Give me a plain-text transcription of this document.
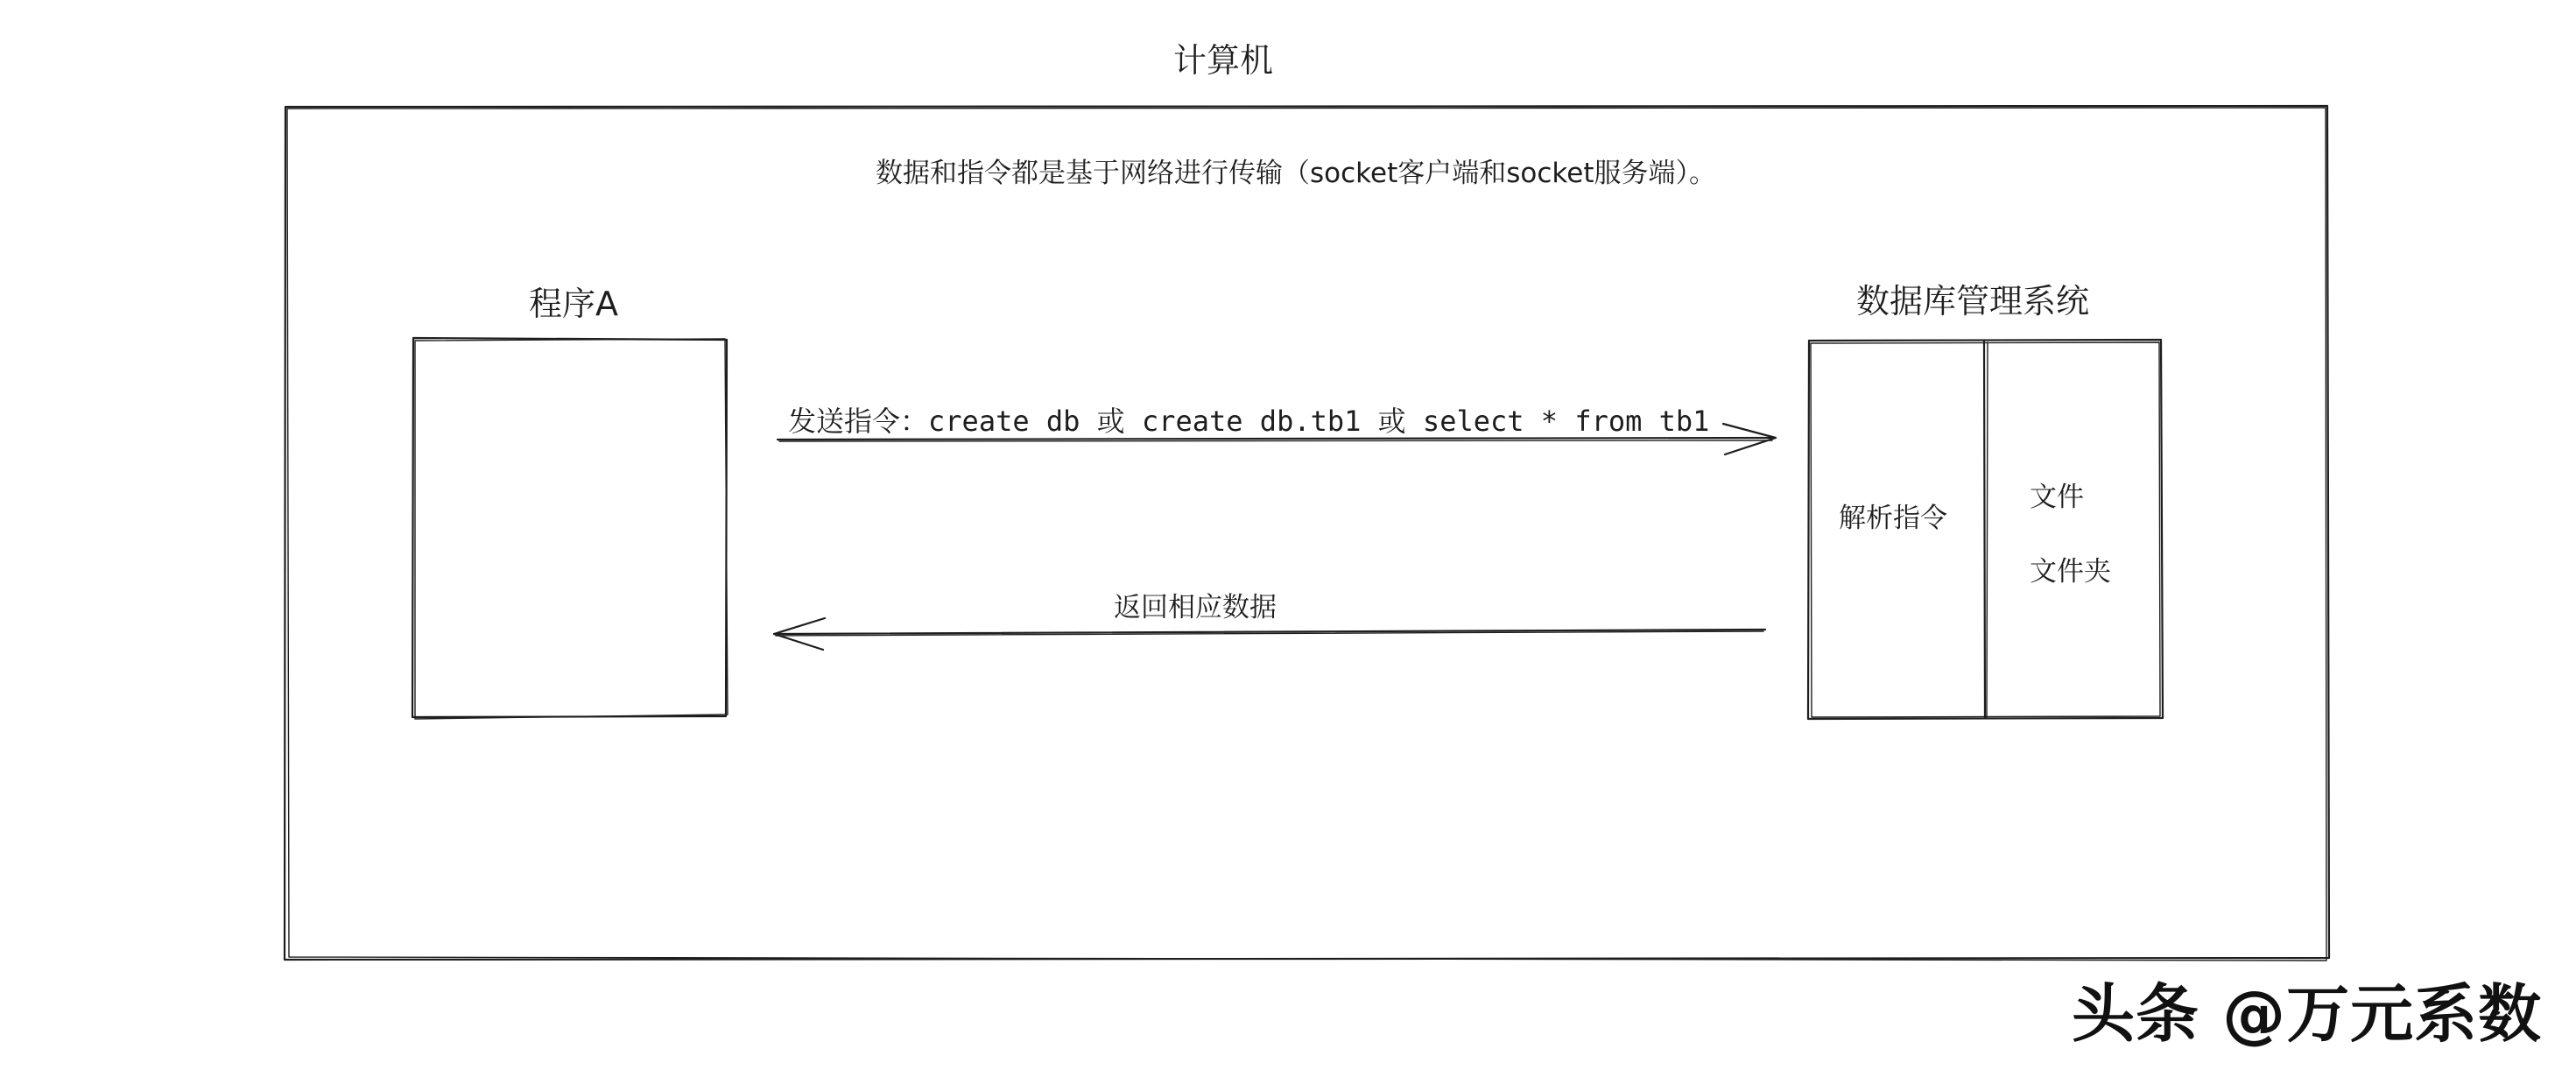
计算机
数据和指令都是基于网络进行传输（socket客户端和socket服务端）。
程序A	数据库管理系统
发送指令：create db 或 create db.tb1 或 select * from tb1
返回相应数据
解析指令
文件
文件夹
头条 @万元系数
